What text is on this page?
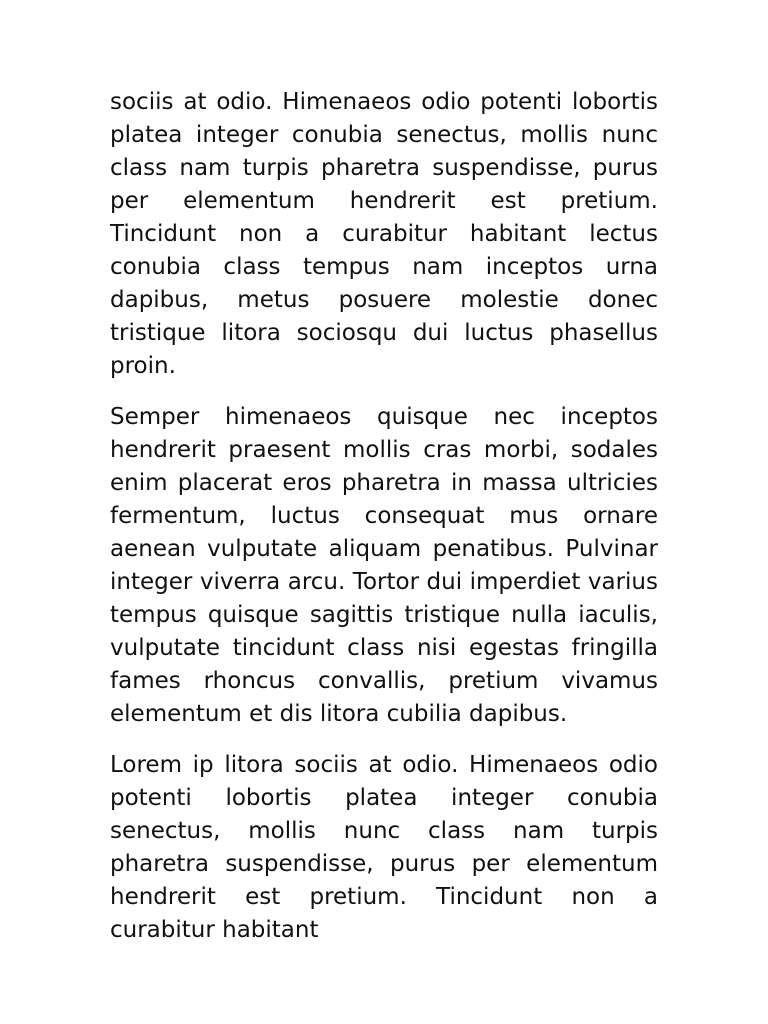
sociis at odio. Himenaeos odio potenti lobortis platea integer conubia senectus, mollis nunc class nam turpis pharetra suspendisse, purus per elementum hendrerit est pretium. Tincidunt non a curabitur habitant lectus conubia class tempus nam inceptos urna dapibus, metus posuere molestie donec tristique litora sociosqu dui luctus phasellus proin.

Semper himenaeos quisque nec inceptos hendrerit praesent mollis cras morbi, sodales enim placerat eros pharetra in massa ultricies fermentum, luctus consequat mus ornare aenean vulputate aliquam penatibus. Pulvinar integer viverra arcu. Tortor dui imperdiet varius tempus quisque sagittis tristique nulla iaculis, vulputate tincidunt class nisi egestas fringilla fames rhoncus convallis, pretium vivamus elementum et dis litora cubilia dapibus.

Lorem ip litora sociis at odio. Himenaeos odio potenti lobortis platea integer conubia senectus, mollis nunc class nam turpis pharetra suspendisse, purus per elementum hendrerit est pretium. Tincidunt non a curabitur habitant
